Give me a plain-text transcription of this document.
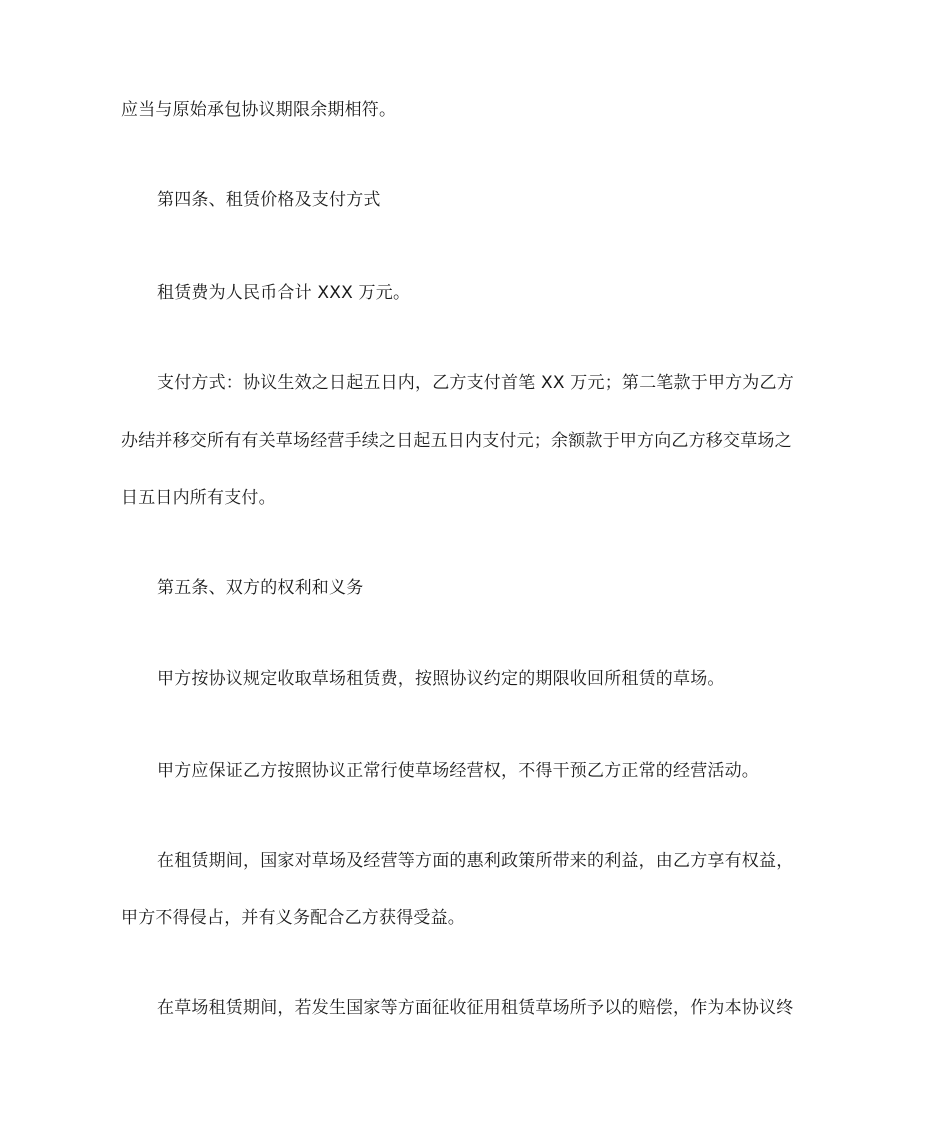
应当与原始承包协议期限余期相符。
第四条、租赁价格及支付方式
租赁费为人民币合计 XXX 万元。
支付方式：协议生效之日起五日内，乙方支付首笔 XX 万元；第二笔款于甲方为乙方
办结并移交所有有关草场经营手续之日起五日内支付元；余额款于甲方向乙方移交草场之
日五日内所有支付。
第五条、双方的权利和义务
甲方按协议规定收取草场租赁费，按照协议约定的期限收回所租赁的草场。
甲方应保证乙方按照协议正常行使草场经营权，不得干预乙方正常的经营活动。
在租赁期间，国家对草场及经营等方面的惠利政策所带来的利益，由乙方享有权益，
甲方不得侵占，并有义务配合乙方获得受益。
在草场租赁期间，若发生国家等方面征收征用租赁草场所予以的赔偿，作为本协议终
